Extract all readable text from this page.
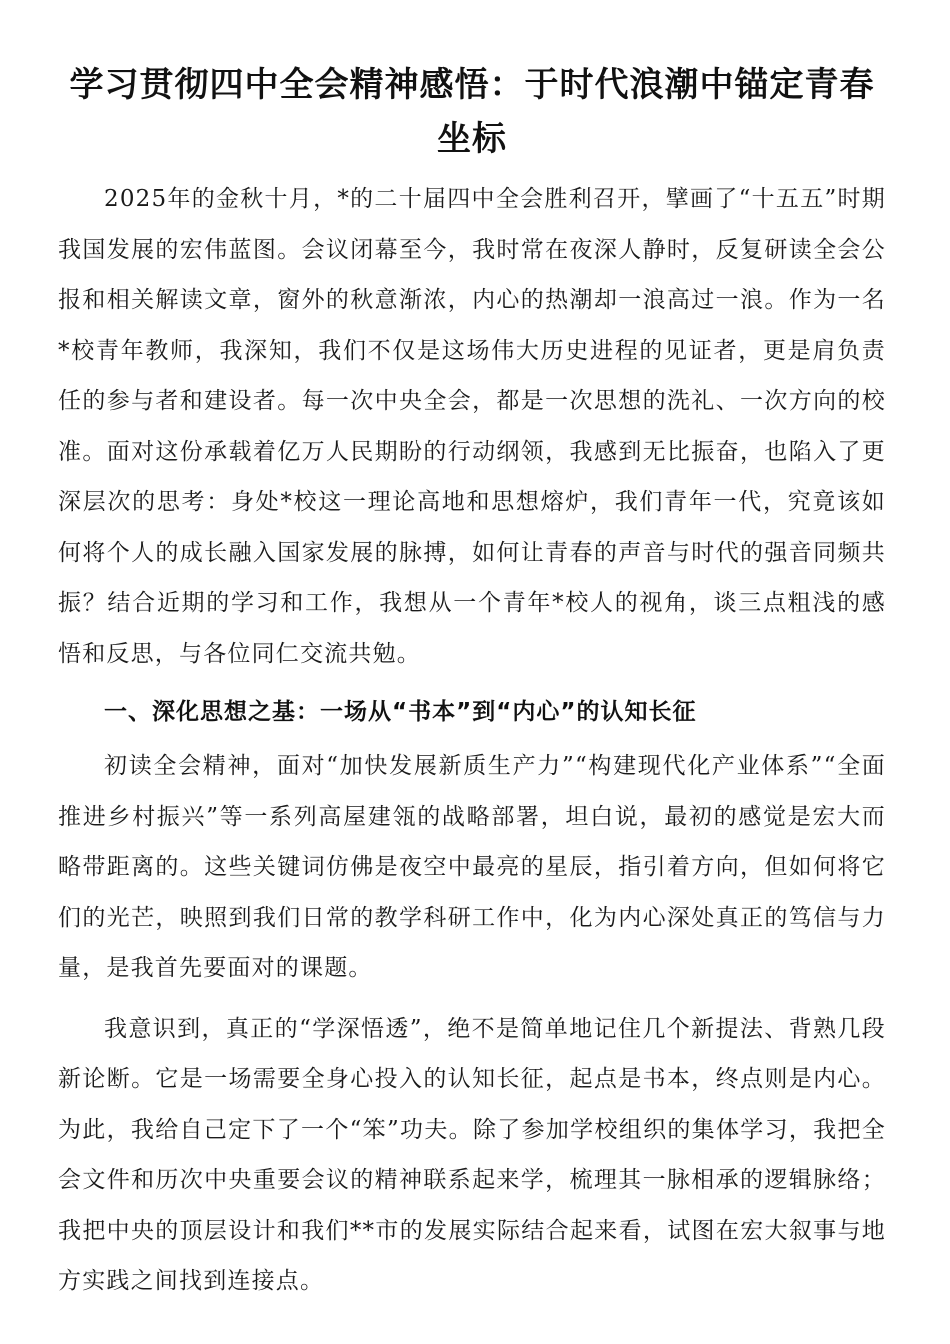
学习贯彻四中全会精神感悟：于时代浪潮中锚定青春坐标

2025年的金秋十月，*的二十届四中全会胜利召开，擘画了“十五五”时期我国发展的宏伟蓝图。会议闭幕至今，我时常在夜深人静时，反复研读全会公报和相关解读文章，窗外的秋意渐浓，内心的热潮却一浪高过一浪。作为一名*校青年教师，我深知，我们不仅是这场伟大历史进程的见证者，更是肩负责任的参与者和建设者。每一次中央全会，都是一次思想的洗礼、一次方向的校准。面对这份承载着亿万人民期盼的行动纲领，我感到无比振奋，也陷入了更深层次的思考：身处*校这一理论高地和思想熔炉，我们青年一代，究竟该如何将个人的成长融入国家发展的脉搏，如何让青春的声音与时代的强音同频共振？结合近期的学习和工作，我想从一个青年*校人的视角，谈三点粗浅的感悟和反思，与各位同仁交流共勉。

一、深化思想之基：一场从“书本”到“内心”的认知长征

初读全会精神，面对“加快发展新质生产力”“构建现代化产业体系”“全面推进乡村振兴”等一系列高屋建瓴的战略部署，坦白说，最初的感觉是宏大而略带距离的。这些关键词仿佛是夜空中最亮的星辰，指引着方向，但如何将它们的光芒，映照到我们日常的教学科研工作中，化为内心深处真正的笃信与力量，是我首先要面对的课题。

我意识到，真正的“学深悟透”，绝不是简单地记住几个新提法、背熟几段新论断。它是一场需要全身心投入的认知长征，起点是书本，终点则是内心。为此，我给自己定下了一个“笨”功夫。除了参加学校组织的集体学习，我把全会文件和历次中央重要会议的精神联系起来学，梳理其一脉相承的逻辑脉络；我把中央的顶层设计和我们**市的发展实际结合起来看，试图在宏大叙事与地方实践之间找到连接点。
